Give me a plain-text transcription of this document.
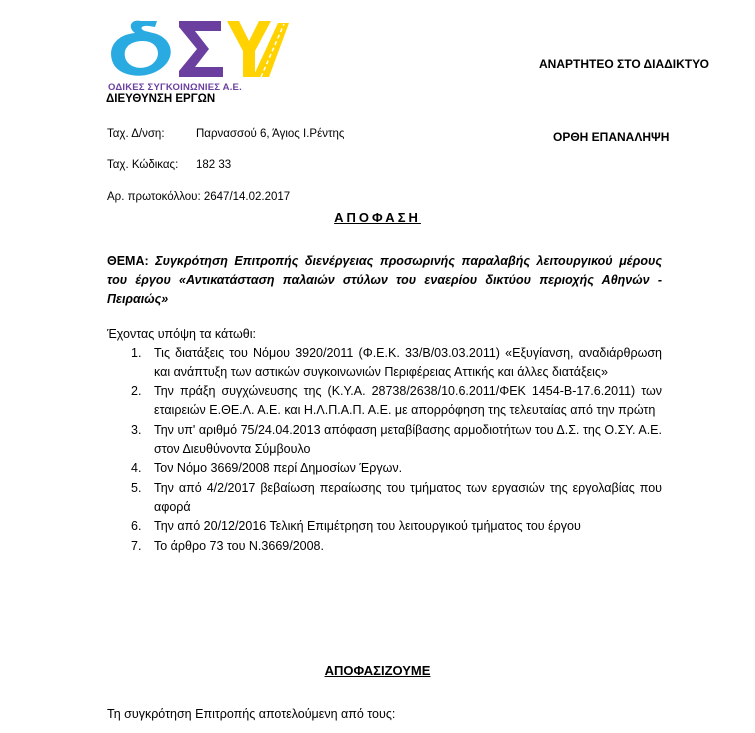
ΟΔΙΚΕΣ ΣΥΓΚΟΙΝΩΝΙΕΣ Α.Ε.
ΔΙΕΥΘΥΝΣΗ ΕΡΓΩΝ
ΑΝΑΡΤΗΤΕΟ ΣΤΟ ΔΙΑΔΙΚΤΥΟ
ΟΡΘΗ ΕΠΑΝΑΛΗΨΗ
Ταχ. Δ/νση:	Παρνασσού 6, Άγιος Ι.Ρέντης
Ταχ. Κώδικας: 182 33
Αρ. πρωτοκόλλου: 2647/14.02.2017
ΑΠΟΦΑΣΗ
ΘΕΜΑ: Συγκρότηση Επιτροπής διενέργειας προσωρινής παραλαβής λειτουργικού μέρους του έργου «Αντικατάσταση παλαιών στύλων του εναερίου δικτύου περιοχής Αθηνών - Πειραιώς»
Έχοντας υπόψη τα κάτωθι:
1. Τις διατάξεις του Νόμου 3920/2011 (Φ.Ε.Κ. 33/Β/03.03.2011) «Εξυγίανση, αναδιάρθρωση και ανάπτυξη των αστικών συγκοινωνιών Περιφέρειας Αττικής και άλλες διατάξεις»
2. Την πράξη συγχώνευσης της (Κ.Υ.Α. 28738/2638/10.6.2011/ΦΕΚ 1454-Β-17.6.2011) των εταιρειών Ε.ΘΕ.Λ. Α.Ε. και Η.Λ.Π.Α.Π. Α.Ε. με απορρόφηση της τελευταίας από την πρώτη
3. Την υπ' αριθμό 75/24.04.2013 απόφαση μεταβίβασης αρμοδιοτήτων του Δ.Σ. της Ο.ΣΥ. Α.Ε. στον Διευθύνοντα Σύμβουλο
4. Τον Νόμο 3669/2008 περί Δημοσίων Έργων.
5. Την από 4/2/2017 βεβαίωση περαίωσης του τμήματος των εργασιών της εργολαβίας που αφορά
6. Την από 20/12/2016 Τελική Επιμέτρηση του λειτουργικού τμήματος του έργου
7. Το άρθρο 73 του Ν.3669/2008.
ΑΠΟΦΑΣΙΖΟΥΜΕ
Τη συγκρότηση Επιτροπής αποτελούμενη από τους:
